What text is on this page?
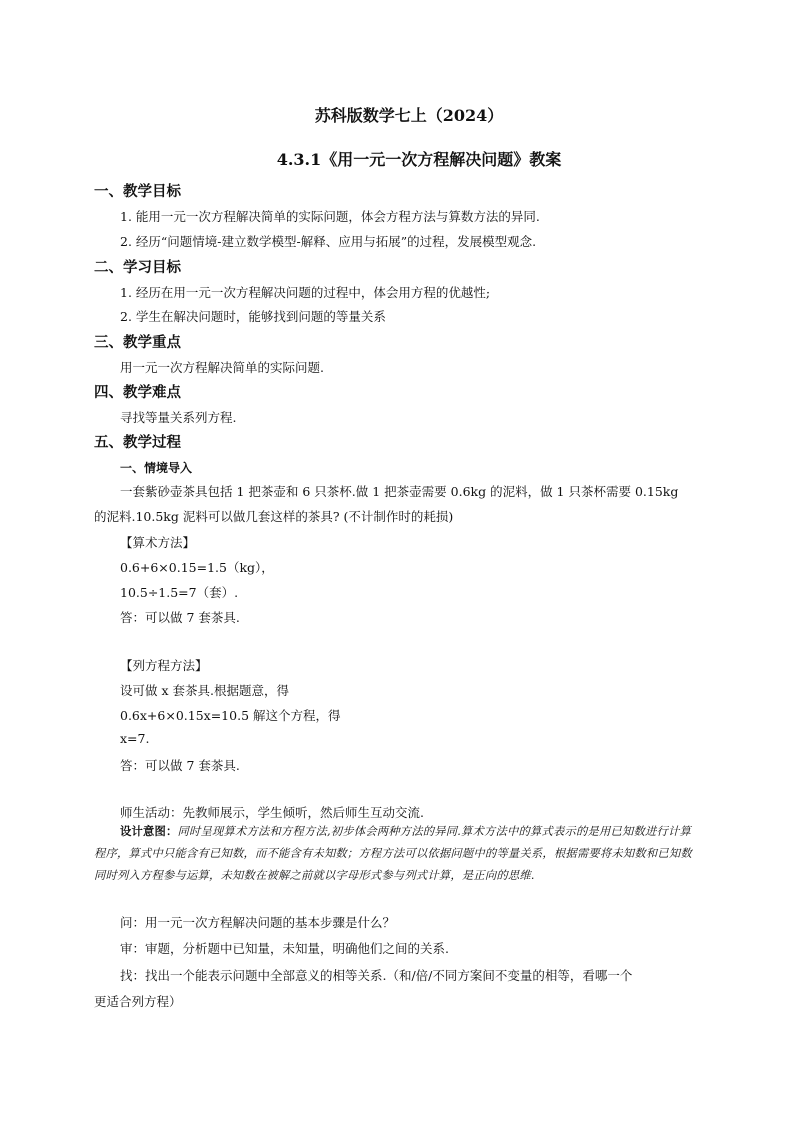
苏科版数学七上（2024）
4.3.1《用一元一次方程解决问题》教案
一、教学目标
1. 能用一元一次方程解决简单的实际问题，体会方程方法与算数方法的异同.
2. 经历“问题情境-建立数学模型-解释、应用与拓展”的过程，发展模型观念.
二、学习目标
1. 经历在用一元一次方程解决问题的过程中，体会用方程的优越性;
2. 学生在解决问题时，能够找到问题的等量关系
三、教学重点
用一元一次方程解决简单的实际问题.
四、教学难点
寻找等量关系列方程.
五、教学过程
一、情境导入
一套紫砂壶茶具包括 1 把茶壶和 6 只茶杯.做 1 把茶壶需要 0.6kg 的泥料，做 1 只茶杯需要 0.15kg
的泥料.10.5kg 泥料可以做几套这样的茶具? (不计制作时的耗损)
【算术方法】
0.6+6×0.15=1.5（kg），
10.5÷1.5=7（套）.
答：可以做 7 套茶具.
【列方程方法】
设可做 x 套茶具.根据题意，得
0.6x+6×0.15x=10.5 解这个方程，得
x=7.
答：可以做 7 套茶具.
师生活动：先教师展示，学生倾听，然后师生互动交流.
设计意图：同时呈现算术方法和方程方法,初步体会两种方法的异同.算术方法中的算式表示的是用已知数进行计算程序，算式中只能含有已知数，而不能含有未知数；方程方法可以依据问题中的等量关系，根据需要将未知数和已知数同时列入方程参与运算，未知数在被解之前就以字母形式参与列式计算，是正向的思维.
问：用一元一次方程解决问题的基本步骤是什么？
审：审题，分析题中已知量，未知量，明确他们之间的关系.
找：找出一个能表示问题中全部意义的相等关系.（和/倍/不同方案间不变量的相等，看哪一个
更适合列方程）
